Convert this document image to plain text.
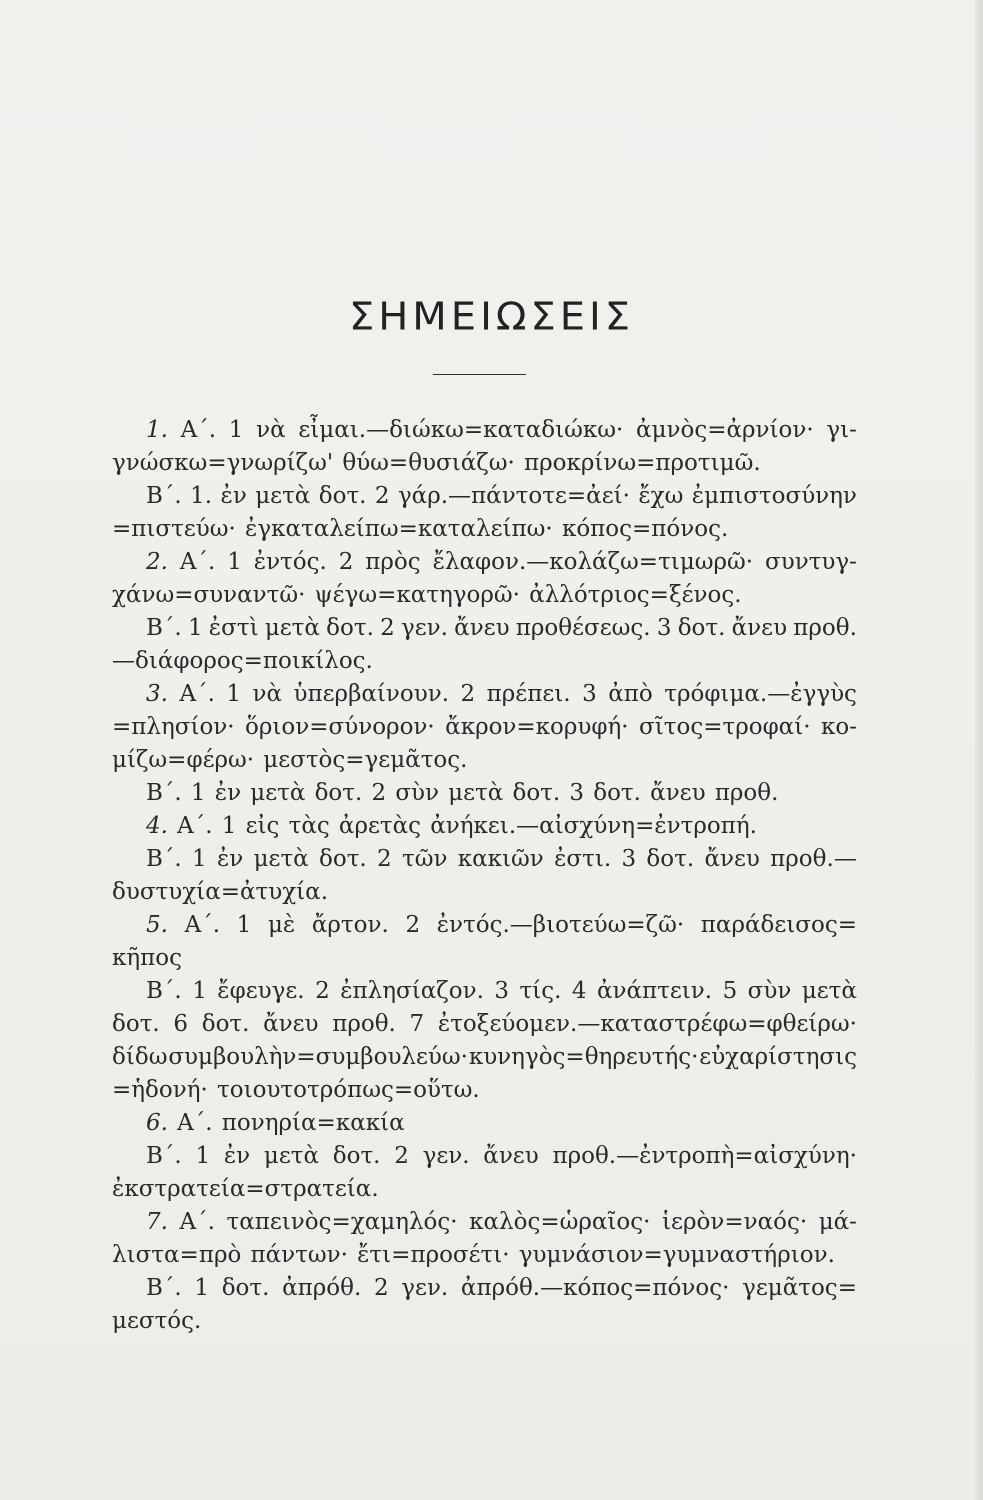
ΣΗΜΕΙΩΣΕΙΣ
1. Α΄. 1 νὰ εἶμαι.—διώκω=καταδιώκω· ἀμνὸς=ἀρνίον· γι-
γνώσκω=γνωρίζω' θύω=θυσιάζω· προκρίνω=προτιμῶ.
Β΄. 1. ἐν μετὰ δοτ. 2 γάρ.—πάντοτε=ἀεί· ἔχω ἐμπιστοσύνην
=πιστεύω· ἐγκαταλείπω=καταλείπω· κόπος=πόνος.
2. Α΄. 1 ἐντός. 2 πρὸς ἔλαφον.—κολάζω=τιμωρῶ· συντυγ-
χάνω=συναντῶ· ψέγω=κατηγορῶ· ἀλλότριος=ξένος.
Β΄. 1 ἐστὶ μετὰ δοτ. 2 γεν. ἄνευ προθέσεως. 3 δοτ. ἄνευ προθ.
—διάφορος=ποικίλος.
3. Α΄. 1 νὰ ὑπερβαίνουν. 2 πρέπει. 3 ἀπὸ τρόφιμα.—ἐγγὺς
=πλησίον· ὅριον=σύνορον· ἄκρον=κορυφή· σῖτος=τροφαί· κο-
μίζω=φέρω· μεστὸς=γεμᾶτος.
Β΄. 1 ἐν μετὰ δοτ. 2 σὺν μετὰ δοτ. 3 δοτ. ἄνευ προθ.
4. Α΄. 1 εἰς τὰς ἀρετὰς ἀνήκει.—αἰσχύνη=ἐντροπή.
Β΄. 1 ἐν μετὰ δοτ. 2 τῶν κακιῶν ἐστι. 3 δοτ. ἄνευ προθ.—
δυστυχία=ἀτυχία.
5. Α΄. 1 μὲ ἄρτον. 2 ἐντός.—βιοτεύω=ζῶ· παράδεισος=
κῆπος
Β΄. 1 ἔφευγε. 2 ἐπλησίαζον. 3 τίς. 4 ἀνάπτειν. 5 σὺν μετὰ
δοτ. 6 δοτ. ἄνευ προθ. 7 ἐτοξεύομεν.—καταστρέφω=φθείρω·
δίδω συμβουλὴν=συμβουλεύω· κυνηγὸς=θηρευτής· εὐχαρίστησις
=ἡδονή· τοιουτοτρόπως=οὕτω.
6. Α΄. πονηρία=κακία
Β΄. 1 ἐν μετὰ δοτ. 2 γεν. ἄνευ προθ.—ἐντροπὴ=αἰσχύνη·
ἐκστρατεία=στρατεία.
7. Α΄. ταπεινὸς=χαμηλός· καλὸς=ὡραῖος· ἱερὸν=ναός· μά-
λιστα=πρὸ πάντων· ἔτι=προσέτι· γυμνάσιον=γυμναστήριον.
Β΄. 1 δοτ. ἀπρόθ. 2 γεν. ἀπρόθ.—κόπος=πόνος· γεμᾶτος=
μεστός.
